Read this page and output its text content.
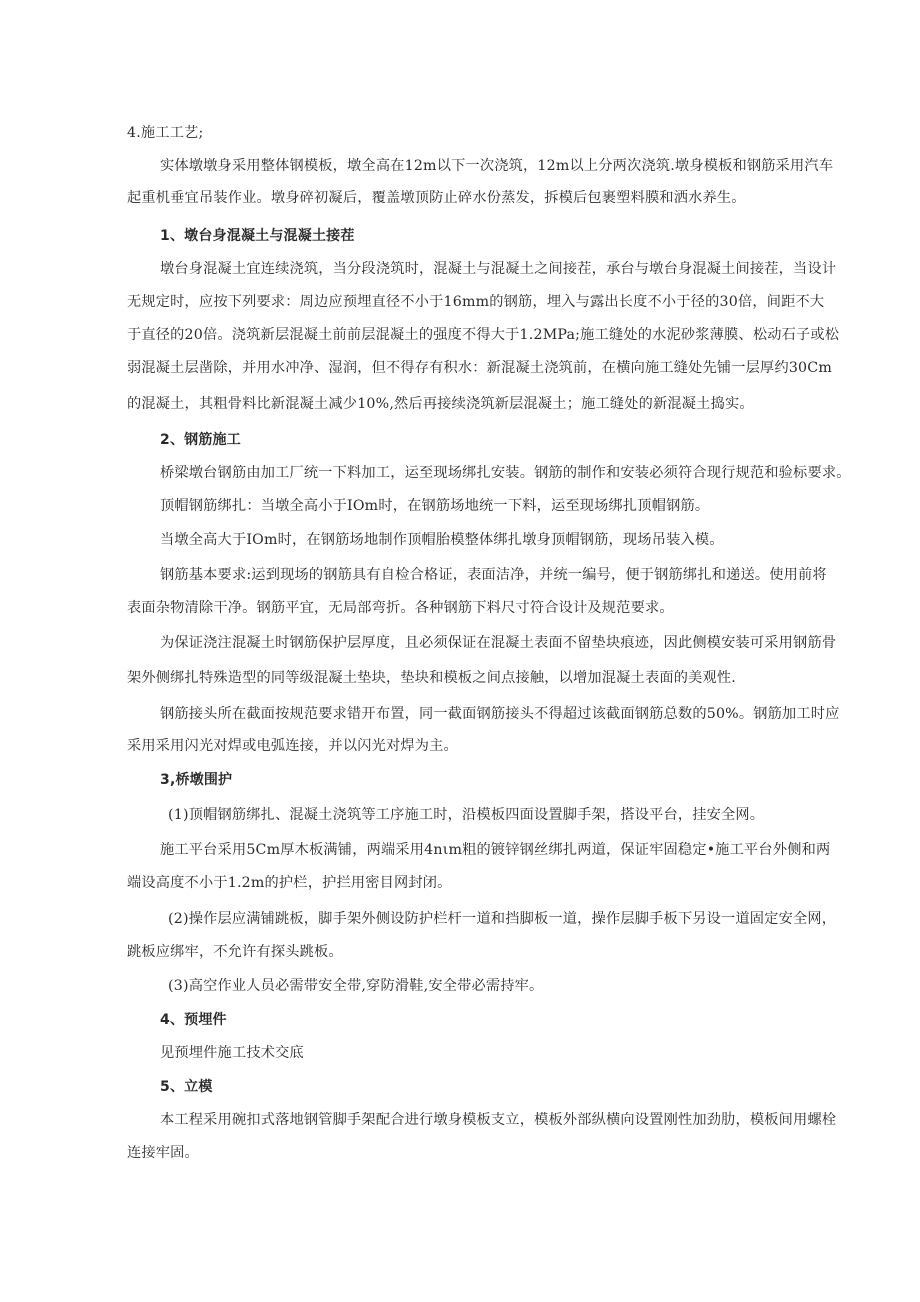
4.施工工艺;
实体墩墩身采用整体钢模板，墩全高在12m以下一次浇筑，12m以上分两次浇筑.墩身模板和钢筋采用汽车
起重机垂宜吊装作业。墩身碎初凝后，覆盖墩顶防止碎水份蒸发，拆模后包裹塑料膜和洒水养生。
1、墩台身混凝土与混凝土接茬
墩台身混凝土宜连续浇筑，当分段浇筑时，混凝土与混凝土之间接茬，承台与墩台身混凝土间接茬，当设计
无规定时，应按下列要求：周边应预埋直径不小于16mm的钢筋，埋入与露出长度不小于径的30倍，间距不大
于直径的20倍。浇筑新层混凝土前前层混凝土的强度不得大于1.2MPa;施工缝处的水泥砂浆薄膜、松动石子或松
弱混凝土层凿除，并用水冲净、湿润，但不得存有积水：新混凝土浇筑前，在横向施工缝处先铺一层厚约30Cm
的混凝土，其粗骨料比新混凝土减少10%,然后再接续浇筑新层混凝土；施工缝处的新混凝土捣实。
2、钢筋施工
桥梁墩台钢筋由加工厂统一下料加工，运至现场绑扎安装。钢筋的制作和安装必须符合现行规范和验标要求。
顶帽钢筋绑扎：当墩全高小于IOm时，在钢筋场地统一下料，运至现场绑扎顶帽钢筋。
当墩全高大于IOm时，在钢筋场地制作顶帽胎模整体绑扎墩身顶帽钢筋，现场吊装入模。
钢筋基本要求:运到现场的钢筋具有自检合格证，表面洁净，并统一编号，便于钢筋绑扎和递送。使用前将
表面杂物清除干净。钢筋平宜，无局部弯折。各种钢筋下料尺寸符合设计及规范要求。
为保证浇注混凝土时钢筋保护层厚度，且必须保证在混凝土表面不留垫块痕迹，因此侧模安装可采用钢筋骨
架外侧绑扎特殊造型的同等级混凝土垫块，垫块和模板之间点接触，以增加混凝土表面的美观性.
钢筋接头所在截面按规范要求错开布置，同一截面钢筋接头不得超过该截面钢筋总数的50%。钢筋加工时应
采用采用闪光对焊或电弧连接，并以闪光对焊为主。
3,桥墩围护
(1)顶帽钢筋绑扎、混凝土浇筑等工序施工时，沿模板四面设置脚手架，搭设平台，挂安全网。
施工平台采用5Cm厚木板满铺，两端采用4nιm粗的镀锌钢丝绑扎两道，保证牢固稳定•施工平台外侧和两
端设高度不小于1.2m的护栏，护拦用密目网封闭。
(2)操作层应满铺跳板，脚手架外侧设防护栏杆一道和挡脚板一道，操作层脚手板下另设一道固定安全网，
跳板应绑牢，不允许有探头跳板。
(3)高空作业人员必需带安全带,穿防滑鞋,安全带必需持牢。
4、预埋件
见预埋件施工技术交底
5、立模
本工程采用碗扣式落地钢管脚手架配合进行墩身模板支立，模板外部纵横向设置刚性加劲肋，模板间用螺栓
连接牢固。
